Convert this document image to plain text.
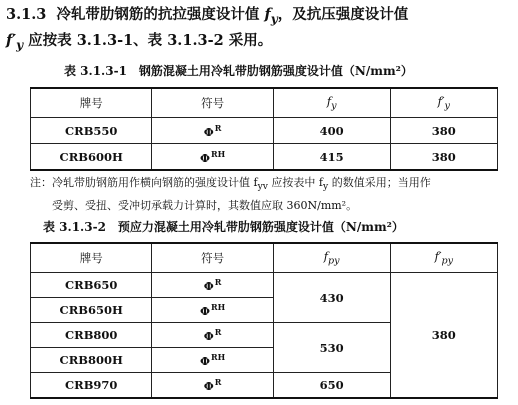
3.1.3 冷轧带肋钢筋的抗拉强度设计值 $f_y$，及抗压强度设计值
$f'_y$ 应按表 3.1.3-1、表 3.1.3-2 采用。
表 3.1.3-1 钢筋混凝土用冷轧带肋钢筋强度设计值（N/mm²）
牌号	符号	$f_y$	$f'_y$
CRB550	$\Phi^R$	400	380
CRB600H	$\Phi^{RH}$	415	380
注：冷轧带肋钢筋用作横向钢筋的强度设计值 $f_{yv}$ 应按表中 $f_y$ 的数值采用；当用作
受剪、受扭、受冲切承载力计算时，其数值应取 360N/mm²。
表 3.1.3-2 预应力混凝土用冷轧带肋钢筋强度设计值（N/mm²）
牌号	符号	$f_{py}$	$f'_{py}$
CRB650	$\Phi^R$	430	380
CRB650H	$\Phi^{RH}$
CRB800	$\Phi^R$	530	
CRB800H	$\Phi^{RH}$
CRB970	$\Phi^R$	650	
